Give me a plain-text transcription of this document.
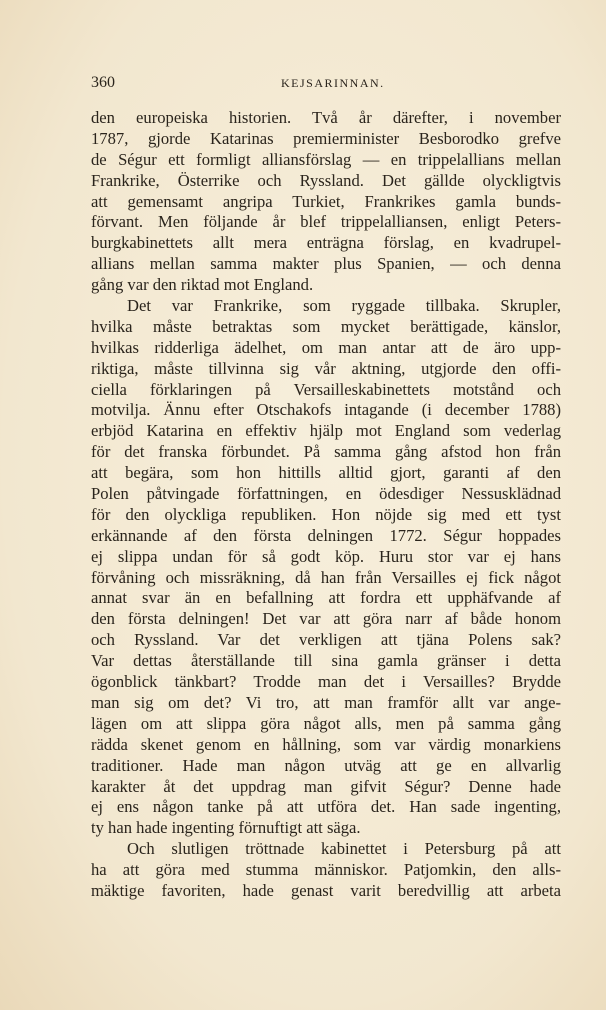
360	KEJSARINNAN.
den europeiska historien. Två år därefter, i november
1787, gjorde Katarinas premierminister Besborodko grefve
de Ségur ett formligt alliansförslag — en trippelallians mellan
Frankrike, Österrike och Ryssland. Det gällde olyckligtvis
att gemensamt angripa Turkiet, Frankrikes gamla bunds-
förvant. Men följande år blef trippelalliansen, enligt Peters-
burgkabinettets allt mera enträgna förslag, en kvadrupel-
allians mellan samma makter plus Spanien, — och denna
gång var den riktad mot England.
Det var Frankrike, som ryggade tillbaka. Skrupler,
hvilka måste betraktas som mycket berättigade, känslor,
hvilkas ridderliga ädelhet, om man antar att de äro upp-
riktiga, måste tillvinna sig vår aktning, utgjorde den offi-
ciella förklaringen på Versailleskabinettets motstånd och
motvilja. Ännu efter Otschakofs intagande (i december 1788)
erbjöd Katarina en effektiv hjälp mot England som vederlag
för det franska förbundet. På samma gång afstod hon från
att begära, som hon hittills alltid gjort, garanti af den
Polen påtvingade författningen, en ödesdiger Nessusklädnad
för den olyckliga republiken. Hon nöjde sig med ett tyst
erkännande af den första delningen 1772. Ségur hoppades
ej slippa undan för så godt köp. Huru stor var ej hans
förvåning och missräkning, då han från Versailles ej fick något
annat svar än en befallning att fordra ett upphäfvande af
den första delningen! Det var att göra narr af både honom
och Ryssland. Var det verkligen att tjäna Polens sak?
Var dettas återställande till sina gamla gränser i detta
ögonblick tänkbart? Trodde man det i Versailles? Brydde
man sig om det? Vi tro, att man framför allt var ange-
lägen om att slippa göra något alls, men på samma gång
rädda skenet genom en hållning, som var värdig monarkiens
traditioner. Hade man någon utväg att ge en allvarlig
karakter åt det uppdrag man gifvit Ségur? Denne hade
ej ens någon tanke på att utföra det. Han sade ingenting,
ty han hade ingenting förnuftigt att säga.
Och slutligen tröttnade kabinettet i Petersburg på att
ha att göra med stumma människor. Patjomkin, den alls-
mäktige favoriten, hade genast varit beredvillig att arbeta
